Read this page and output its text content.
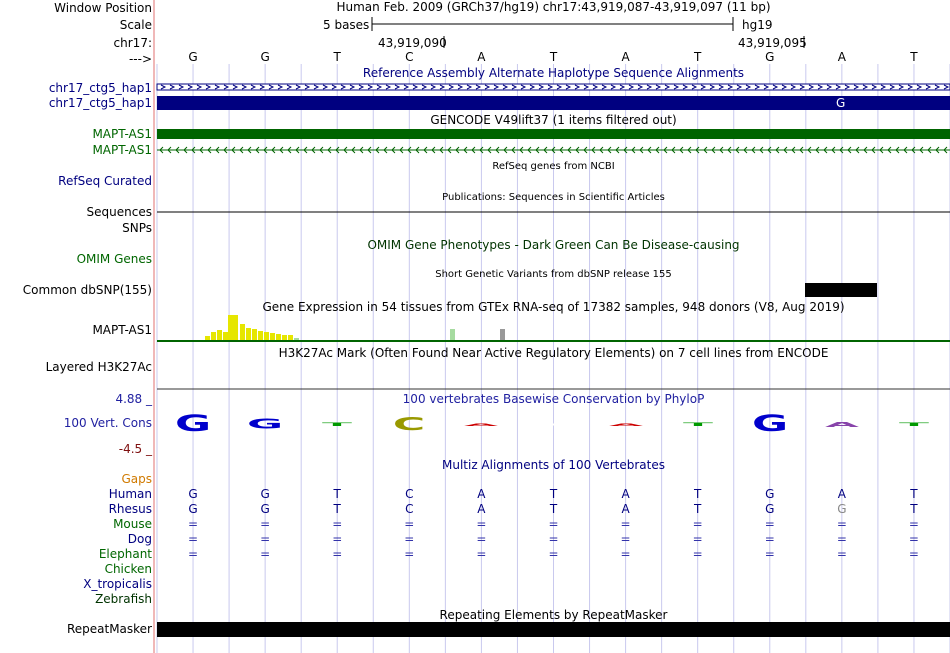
Window Position
Scale
chr17:
--->
Human Feb. 2009 (GRCh37/hg19) chr17:43,919,087-43,919,097 (11 bp)
5 bases	hg19
43,919,090	43,919,095
G	G	T	C	A	T	A	T	G	A	T
Reference Assembly Alternate Haplotype Sequence Alignments
chr17_ctg5_hap1
chr17_ctg5_hap1	G
GENCODE V49lift37 (1 items filtered out)
MAPT-AS1
MAPT-AS1
RefSeq genes from NCBI
RefSeq Curated
Publications: Sequences in Scientific Articles
Sequences
SNPs
OMIM Gene Phenotypes - Dark Green Can Be Disease-causing
OMIM Genes
Short Genetic Variants from dbSNP release 155
Common dbSNP(155)
Gene Expression in 54 tissues from GTEx RNA-seq of 17382 samples, 948 donors (V8, Aug 2019)
MAPT-AS1
H3K27Ac Mark (Often Found Near Active Regulatory Elements) on 7 cell lines from ENCODE
Layered H3K27Ac
100 vertebrates Basewise Conservation by PhyloP
4.88 _
100 Vert. Cons
-4.5 _
G	G	T	C	A	T	A	T	G	A	T
Multiz Alignments of 100 Vertebrates
Gaps
Human	G	G	T	C	A	T	A	T	G	A	T
Rhesus	G	G	T	C	A	T	A	T	G	G	T
Mouse	=	=	=	=	=	=	=	=	=	=	=
Dog	=	=	=	=	=	=	=	=	=	=	=
Elephant	=	=	=	=	=	=	=	=	=	=	=
Chicken
X_tropicalis
Zebrafish
Repeating Elements by RepeatMasker
RepeatMasker
